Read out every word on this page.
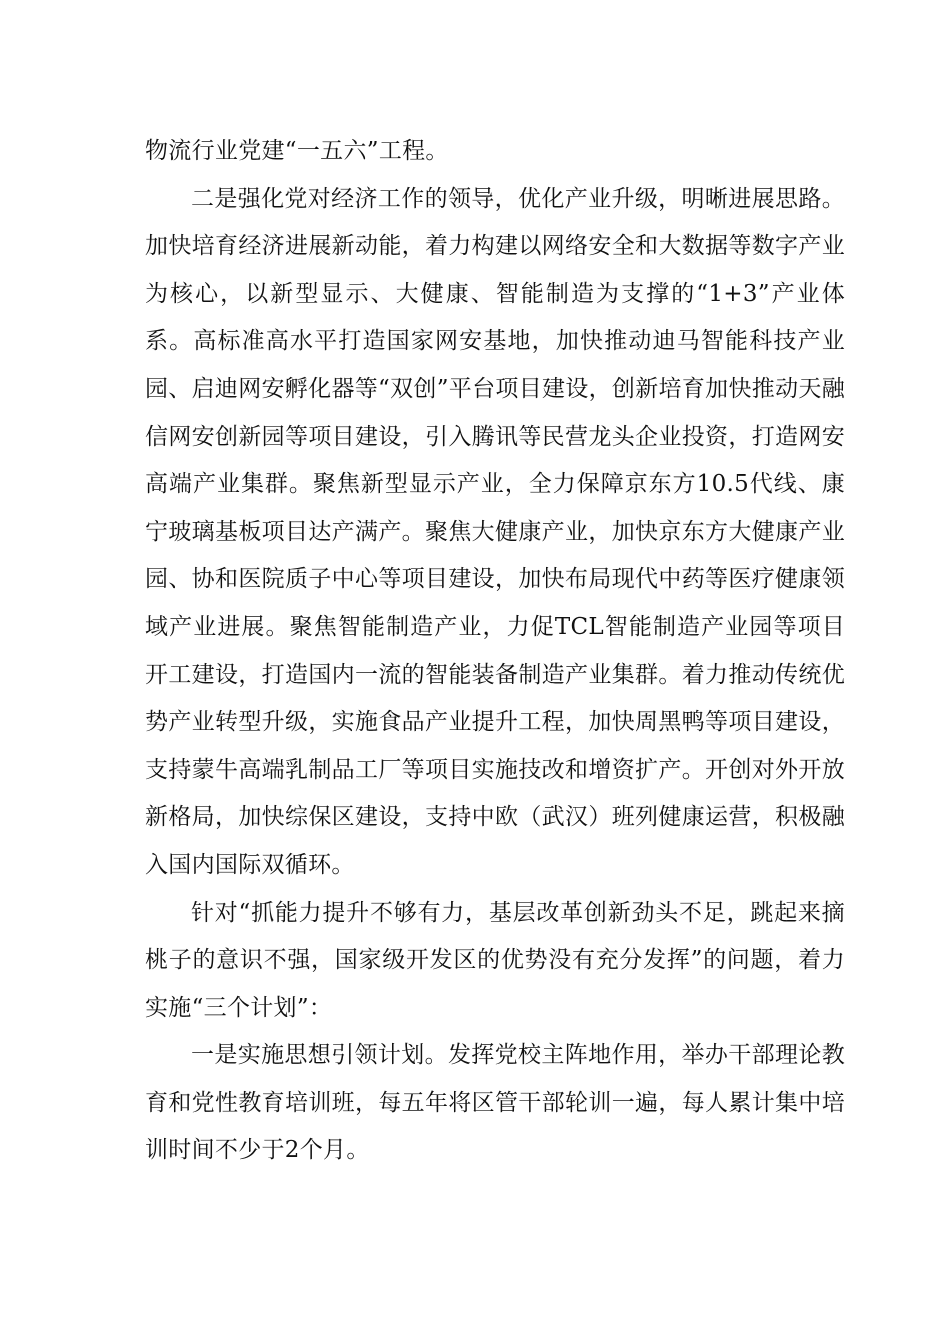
物流行业党建“一五六”工程。

二是强化党对经济工作的领导，优化产业升级，明晰进展思路。加快培育经济进展新动能，着力构建以网络安全和大数据等数字产业为核心，以新型显示、大健康、智能制造为支撑的“1+3”产业体系。高标准高水平打造国家网安基地，加快推动迪马智能科技产业园、启迪网安孵化器等“双创”平台项目建设，创新培育加快推动天融信网安创新园等项目建设，引入腾讯等民营龙头企业投资，打造网安高端产业集群。聚焦新型显示产业，全力保障京东方10.5代线、康宁玻璃基板项目达产满产。聚焦大健康产业，加快京东方大健康产业园、协和医院质子中心等项目建设，加快布局现代中药等医疗健康领域产业进展。聚焦智能制造产业，力促TCL智能制造产业园等项目开工建设，打造国内一流的智能装备制造产业集群。着力推动传统优势产业转型升级，实施食品产业提升工程，加快周黑鸭等项目建设，支持蒙牛高端乳制品工厂等项目实施技改和增资扩产。开创对外开放新格局，加快综保区建设，支持中欧（武汉）班列健康运营，积极融入国内国际双循环。

针对“抓能力提升不够有力，基层改革创新劲头不足，跳起来摘桃子的意识不强，国家级开发区的优势没有充分发挥”的问题，着力实施“三个计划”：

一是实施思想引领计划。发挥党校主阵地作用，举办干部理论教育和党性教育培训班，每五年将区管干部轮训一遍，每人累计集中培训时间不少于2个月。
